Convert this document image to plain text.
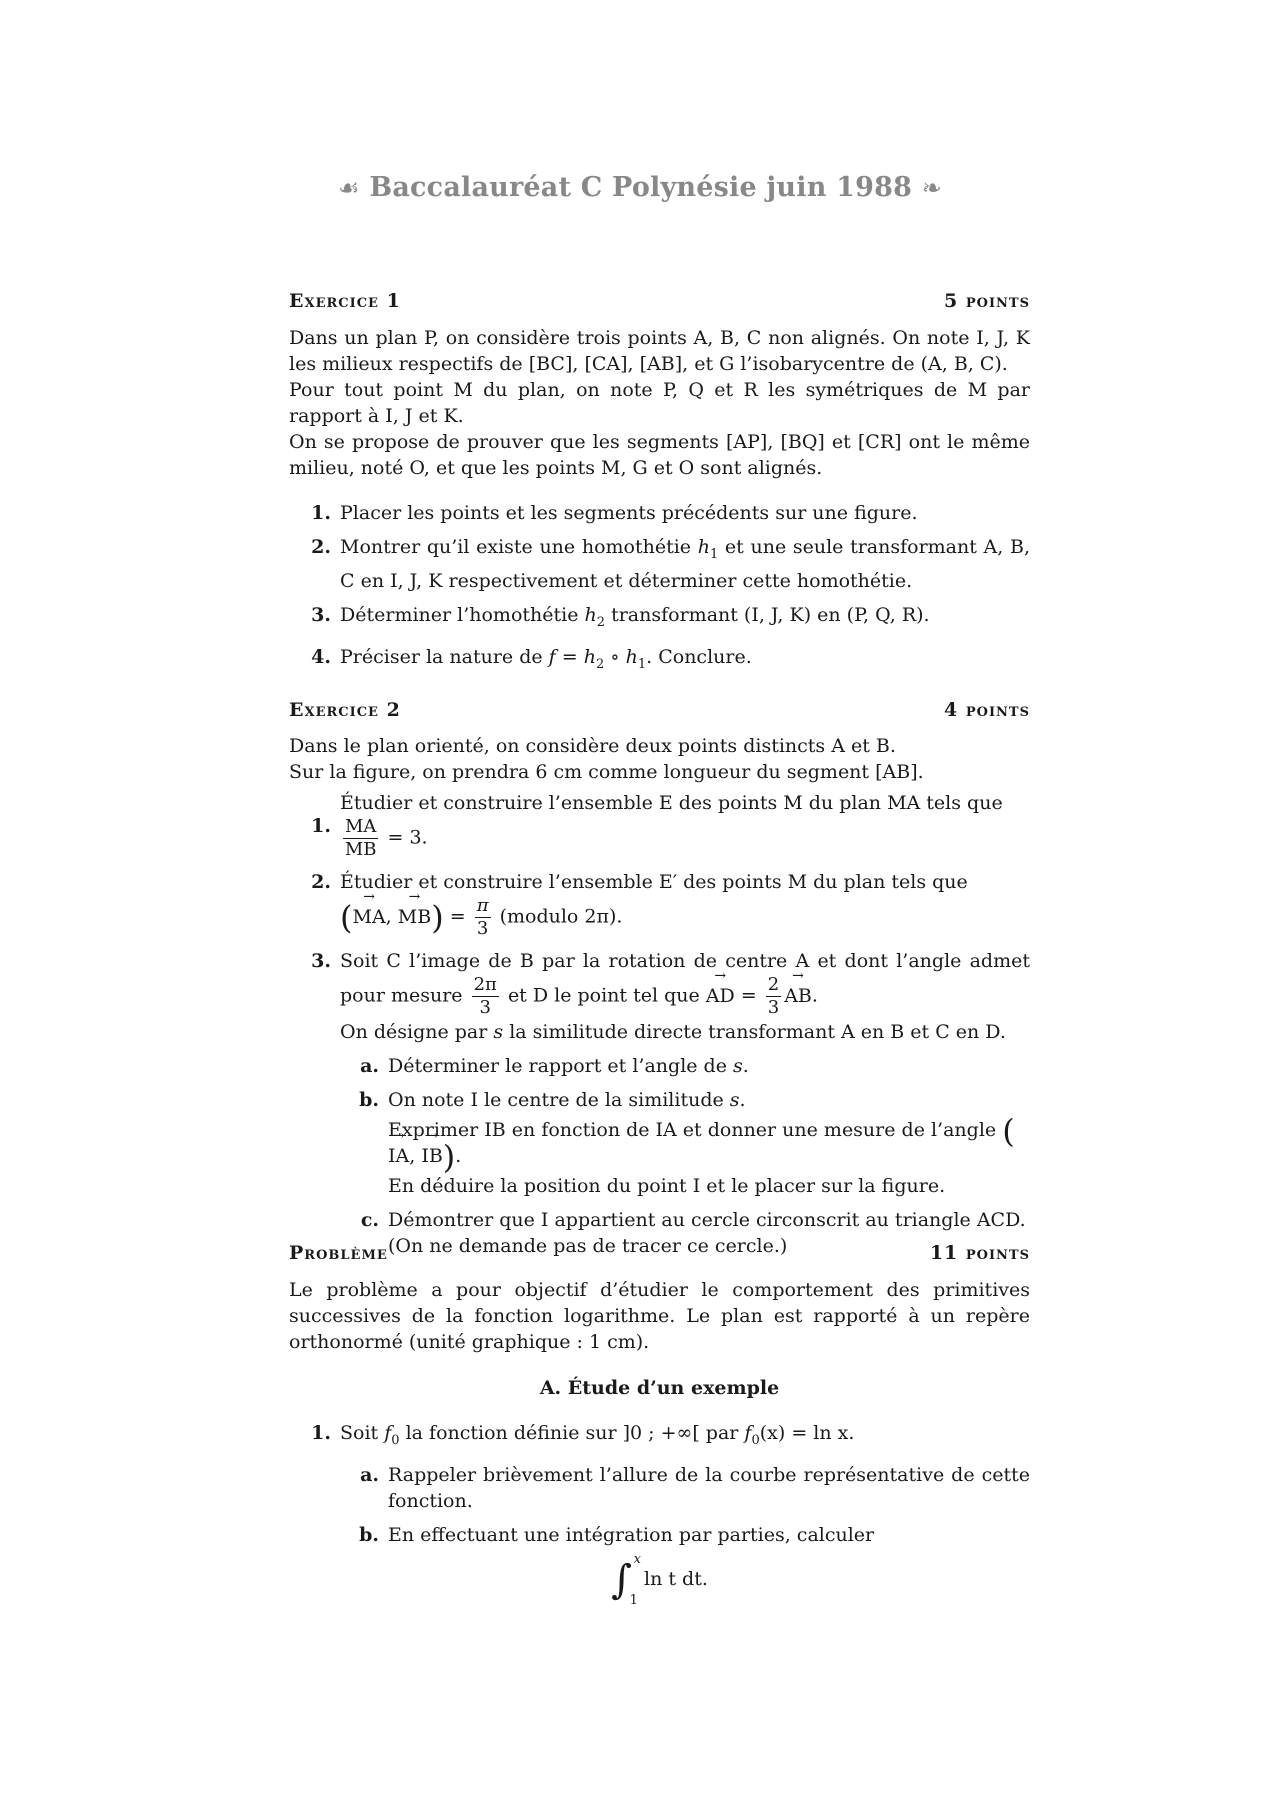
☙ Baccalauréat C Polynésie juin 1988 ❧
Exercice 1	5 points

Dans un plan P, on considère trois points A, B, C non alignés. On note I, J, K les milieux respectifs de [BC], [CA], [AB], et G l’isobarycentre de (A, B, C).

Pour tout point M du plan, on note P, Q et R les symétriques de M par rapport à I, J et K.

On se propose de prouver que les segments [AP], [BQ] et [CR] ont le même milieu, noté O, et que les points M, G et O sont alignés.

1. Placer les points et les segments précédents sur une figure.
2. Montrer qu’il existe une homothétie $h_1$ et une seule transformant A, B, C en I, J, K respectivement et déterminer cette homothétie.
3. Déterminer l’homothétie $h_2$ transformant (I, J, K) en (P, Q, R).
4. Préciser la nature de $f = h_2$ ∘ $h_1$. Conclure.
Exercice 2	4 points

Dans le plan orienté, on considère deux points distincts A et B.

Sur la figure, on prendra 6 cm comme longueur du segment [AB].

1.
Étudier et construire l’ensemble E des points M du plan MA tels que
$\frac{MA}{MB} = 3$.
2. Étudier et construire l’ensemble E′ des points M du plan tels que
(→ MA, → $MB) = \frac{\pi}{3}$ (modulo 2π).
3. Soit C l’image de B par la rotation de centre A et dont l’angle admet pour mesure $\frac{2\pi}{3}$ et D le point tel que → AD = $\frac{2}{3}$ → AB.
On désigne par s la similitude directe transformant A en B et C en D.
a. Déterminer le rapport et l’angle de s.
b. On note I le centre de la similitude s.
Exprimer IB en fonction de IA et donner une mesure de l’angle (→ IA, → IB).
En déduire la position du point I et le placer sur la figure.
c. Démontrer que I appartient au cercle circonscrit au triangle ACD. (On ne demande pas de tracer ce cercle.)
Problème	11 points
Le problème a pour objectif d’étudier le comportement des primitives successives de la fonction logarithme. Le plan est rapporté à un repère orthonormé (unité graphique : 1 cm).
A. Étude d’un exemple
1. Soit $f_0$ la fonction définie sur ]0 ; +∞[ par $f_0(x) = \ln x$.
a. Rappeler brièvement l’allure de la courbe représentative de cette fonction.
b. En effectuant une intégration par parties, calculer
∫ x
1
ln t dt.
